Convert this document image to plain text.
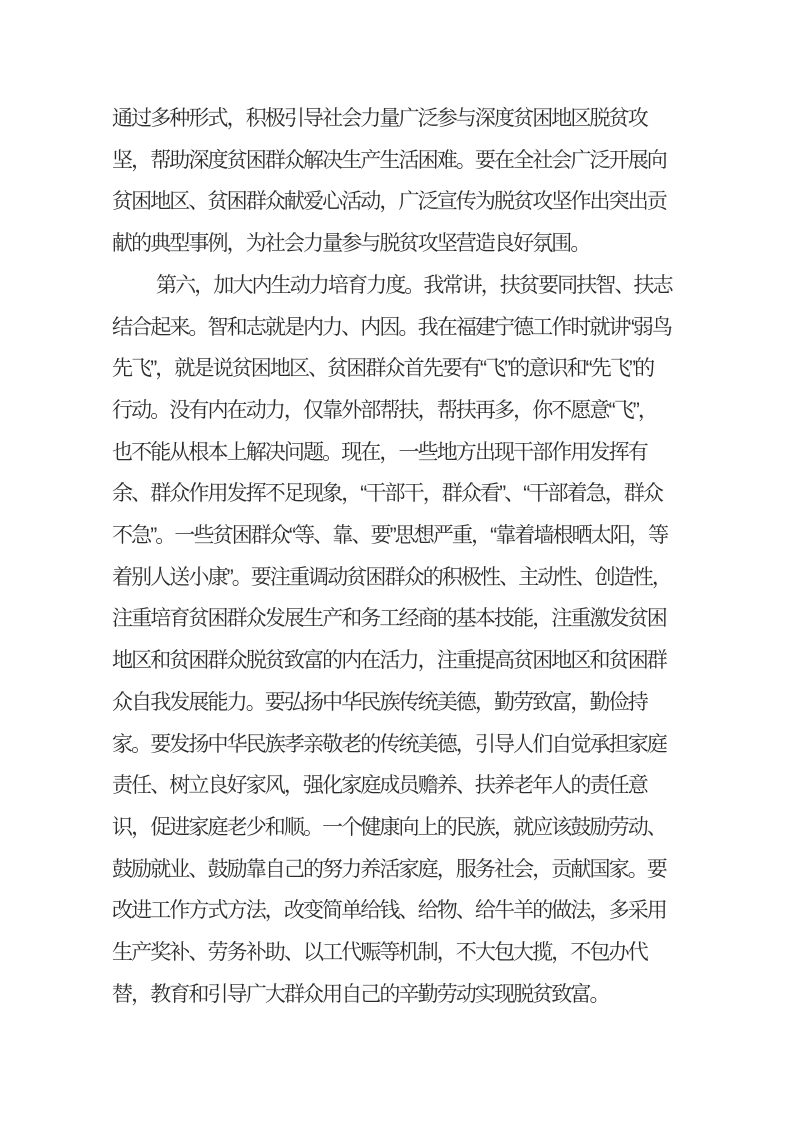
通过多种形式，积极引导社会力量广泛参与深度贫困地区脱贫攻

坚，帮助深度贫困群众解决生产生活困难。要在全社会广泛开展向

贫困地区、贫困群众献爱心活动，广泛宣传为脱贫攻坚作出突出贡

献的典型事例，为社会力量参与脱贫攻坚营造良好氛围。

第六，加大内生动力培育力度。我常讲，扶贫要同扶智、扶志

结合起来。智和志就是内力、内因。我在福建宁德工作时就讲“弱鸟

先飞”，就是说贫困地区、贫困群众首先要有“飞”的意识和“先飞”的

行动。没有内在动力，仅靠外部帮扶，帮扶再多，你不愿意“飞”，

也不能从根本上解决问题。现在，一些地方出现干部作用发挥有

余、群众作用发挥不足现象，“干部干，群众看”、“干部着急，群众

不急”。一些贫困群众“等、靠、要”思想严重，“靠着墙根晒太阳，等

着别人送小康”。要注重调动贫困群众的积极性、主动性、创造性，

注重培育贫困群众发展生产和务工经商的基本技能，注重激发贫困

地区和贫困群众脱贫致富的内在活力，注重提高贫困地区和贫困群

众自我发展能力。要弘扬中华民族传统美德，勤劳致富，勤俭持

家。要发扬中华民族孝亲敬老的传统美德，引导人们自觉承担家庭

责任、树立良好家风，强化家庭成员赡养、扶养老年人的责任意

识，促进家庭老少和顺。一个健康向上的民族，就应该鼓励劳动、

鼓励就业、鼓励靠自己的努力养活家庭，服务社会，贡献国家。要

改进工作方式方法，改变简单给钱、给物、给牛羊的做法，多采用

生产奖补、劳务补助、以工代赈等机制，不大包大揽，不包办代

替，教育和引导广大群众用自己的辛勤劳动实现脱贫致富。
